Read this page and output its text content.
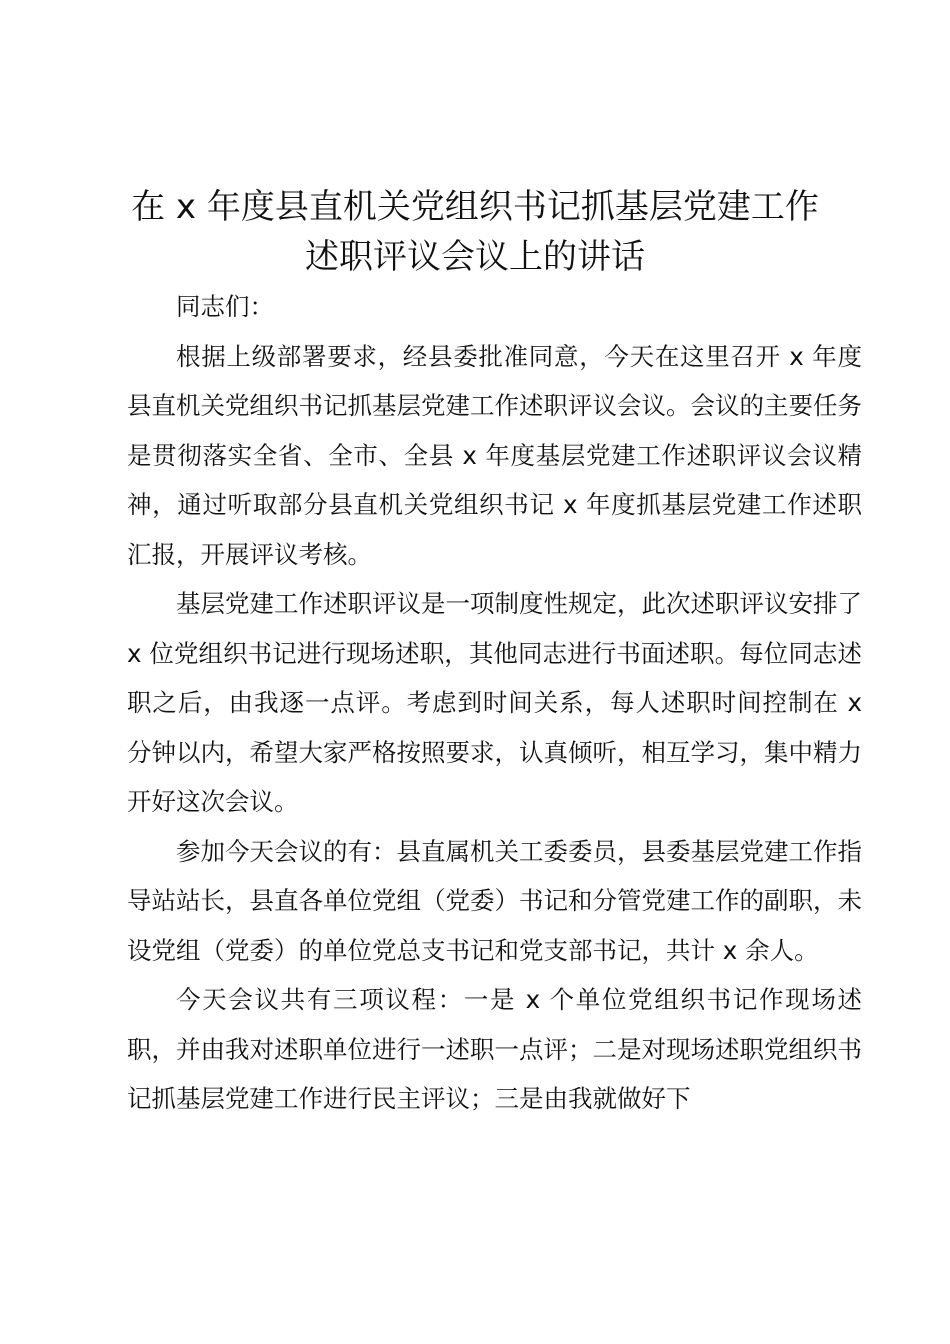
在 x 年度县直机关党组织书记抓基层党建工作
述职评议会议上的讲话

同志们：

根据上级部署要求，经县委批准同意，今天在这里召开 x 年度县直机关党组织书记抓基层党建工作述职评议会议。会议的主要任务是贯彻落实全省、全市、全县 x 年度基层党建工作述职评议会议精神，通过听取部分县直机关党组织书记 x 年度抓基层党建工作述职汇报，开展评议考核。

基层党建工作述职评议是一项制度性规定，此次述职评议安排了 x 位党组织书记进行现场述职，其他同志进行书面述职。每位同志述职之后，由我逐一点评。考虑到时间关系，每人述职时间控制在 x 分钟以内，希望大家严格按照要求，认真倾听，相互学习，集中精力开好这次会议。

参加今天会议的有：县直属机关工委委员，县委基层党建工作指导站站长，县直各单位党组（党委）书记和分管党建工作的副职，未设党组（党委）的单位党总支书记和党支部书记，共计 x 余人。

今天会议共有三项议程：一是 x 个单位党组织书记作现场述职，并由我对述职单位进行一述职一点评；二是对现场述职党组织书记抓基层党建工作进行民主评议；三是由我就做好下
